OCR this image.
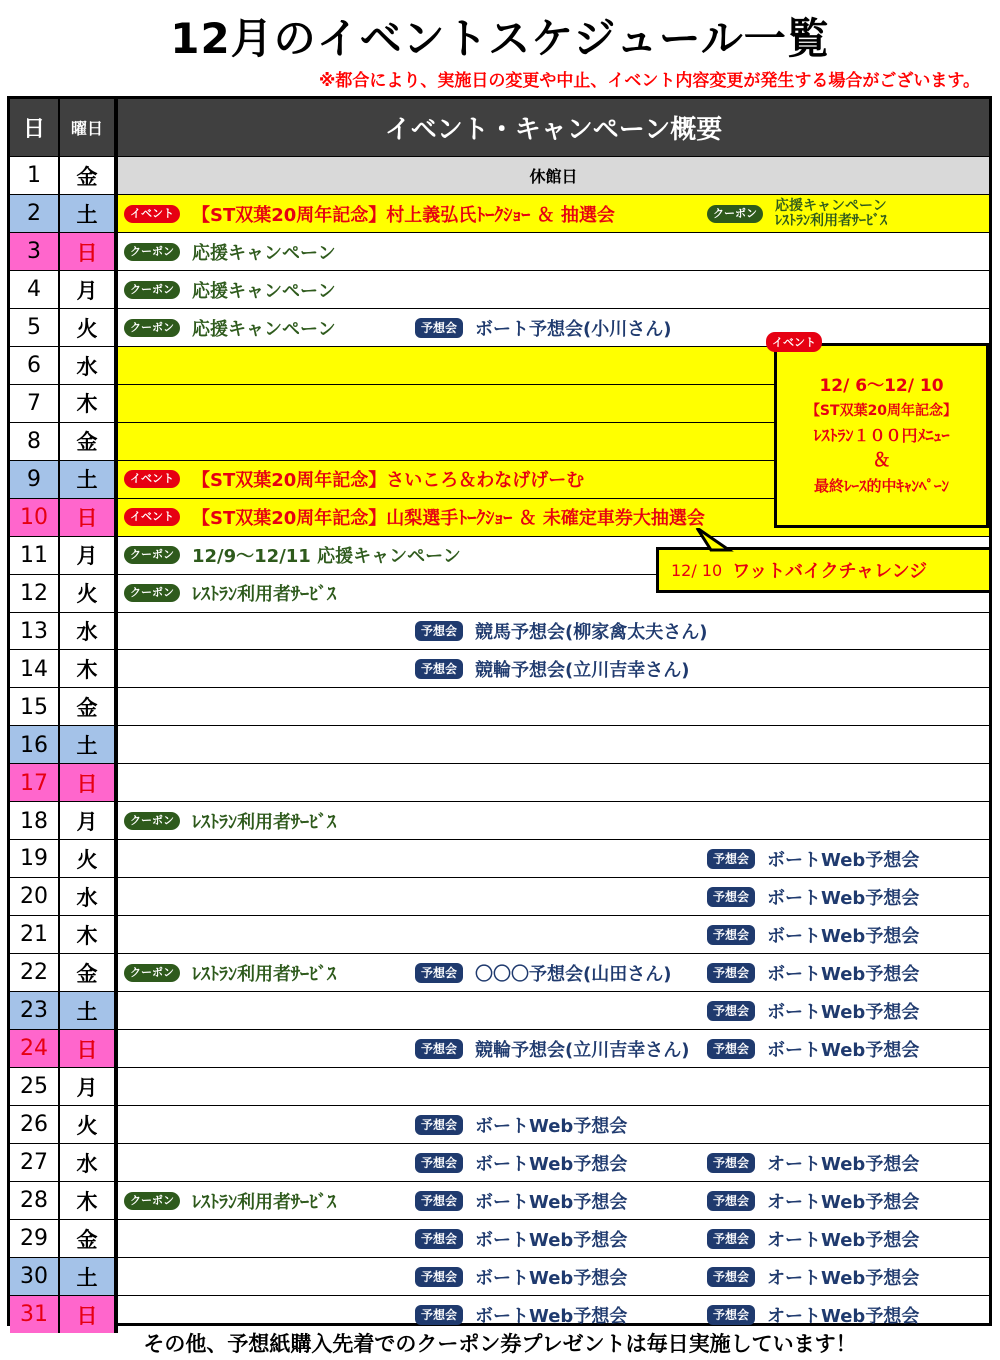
12月のイベントスケジュール一覧
※都合により、実施日の変更や中止、イベント内容変更が発生する場合がございます。
日	曜日	イベント・キャンペーン概要
1	金	休館日
2	土	イベント	【ST双葉20周年記念】村上義弘氏ﾄｰｸｼｮｰ ＆ 抽選会	クーポン	応援キャンペーン
ﾚｽﾄﾗﾝ利用者ｻｰﾋﾞｽ
3	日	クーポン	応援キャンペーン
4	月	クーポン	応援キャンペーン
5	火	クーポン	応援キャンペーン	予想会	ボート予想会(小川さん)
6	水
7	木
8	金
9	土	イベント	【ST双葉20周年記念】さいころ＆わなげげーむ
10	日	イベント	【ST双葉20周年記念】山梨選手ﾄｰｸｼｮｰ ＆ 未確定車券大抽選会
11	月	クーポン	12/9～12/11 応援キャンペーン
12	火	クーポン	ﾚｽﾄﾗﾝ利用者ｻｰﾋﾞｽ
13	水	予想会	競馬予想会(柳家禽太夫さん)
14	木	予想会	競輪予想会(立川吉幸さん)
15	金
16	土
17	日
18	月	クーポン	ﾚｽﾄﾗﾝ利用者ｻｰﾋﾞｽ
19	火	予想会	ボートWeb予想会
20	水	予想会	ボートWeb予想会
21	木	予想会	ボートWeb予想会
22	金	クーポン	ﾚｽﾄﾗﾝ利用者ｻｰﾋﾞｽ	予想会	〇〇〇予想会(山田さん)	予想会	ボートWeb予想会
23	土	予想会	ボートWeb予想会
24	日	予想会	競輪予想会(立川吉幸さん)	予想会	ボートWeb予想会
25	月
26	火	予想会	ボートWeb予想会
27	水	予想会	ボートWeb予想会	予想会	オートWeb予想会
28	木	クーポン	ﾚｽﾄﾗﾝ利用者ｻｰﾋﾞｽ	予想会	ボートWeb予想会	予想会	オートWeb予想会
29	金	予想会	ボートWeb予想会	予想会	オートWeb予想会
30	土	予想会	ボートWeb予想会	予想会	オートWeb予想会
31	日	予想会	ボートWeb予想会	予想会	オートWeb予想会
イベント
12/ 6～12/ 10
【ST双葉20周年記念】
ﾚｽﾄﾗﾝ１００円ﾒﾆｭｰ
＆
最終ﾚｰｽ的中ｷｬﾝﾍﾟｰﾝ
12/ 10 ワットバイクチャレンジ
その他、予想紙購入先着でのクーポン券プレゼントは毎日実施しています！
